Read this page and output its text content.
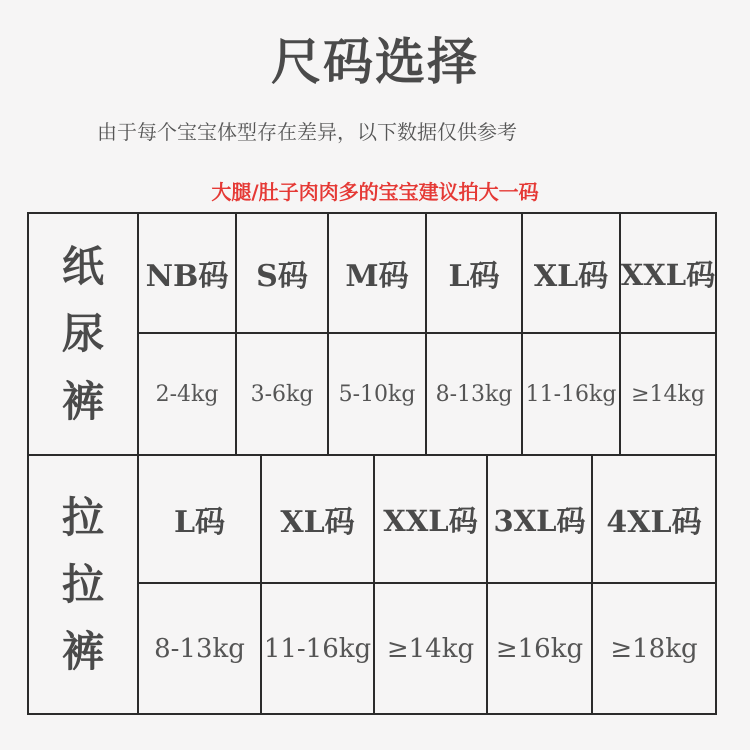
尺码选择
由于每个宝宝体型存在差异，以下数据仅供参考
大腿/肚子肉肉多的宝宝建议拍大一码
纸
尿
裤
NB码 S码	M码	L码	XL码 XXL码
2-4kg	3-6kg	5-10kg 8-13kg 11-16kg ≥14kg
拉
拉
裤
L码	XL码 XXL码 3XL码 4XL码
8-13kg 11-16kg ≥14kg ≥16kg	≥18kg
